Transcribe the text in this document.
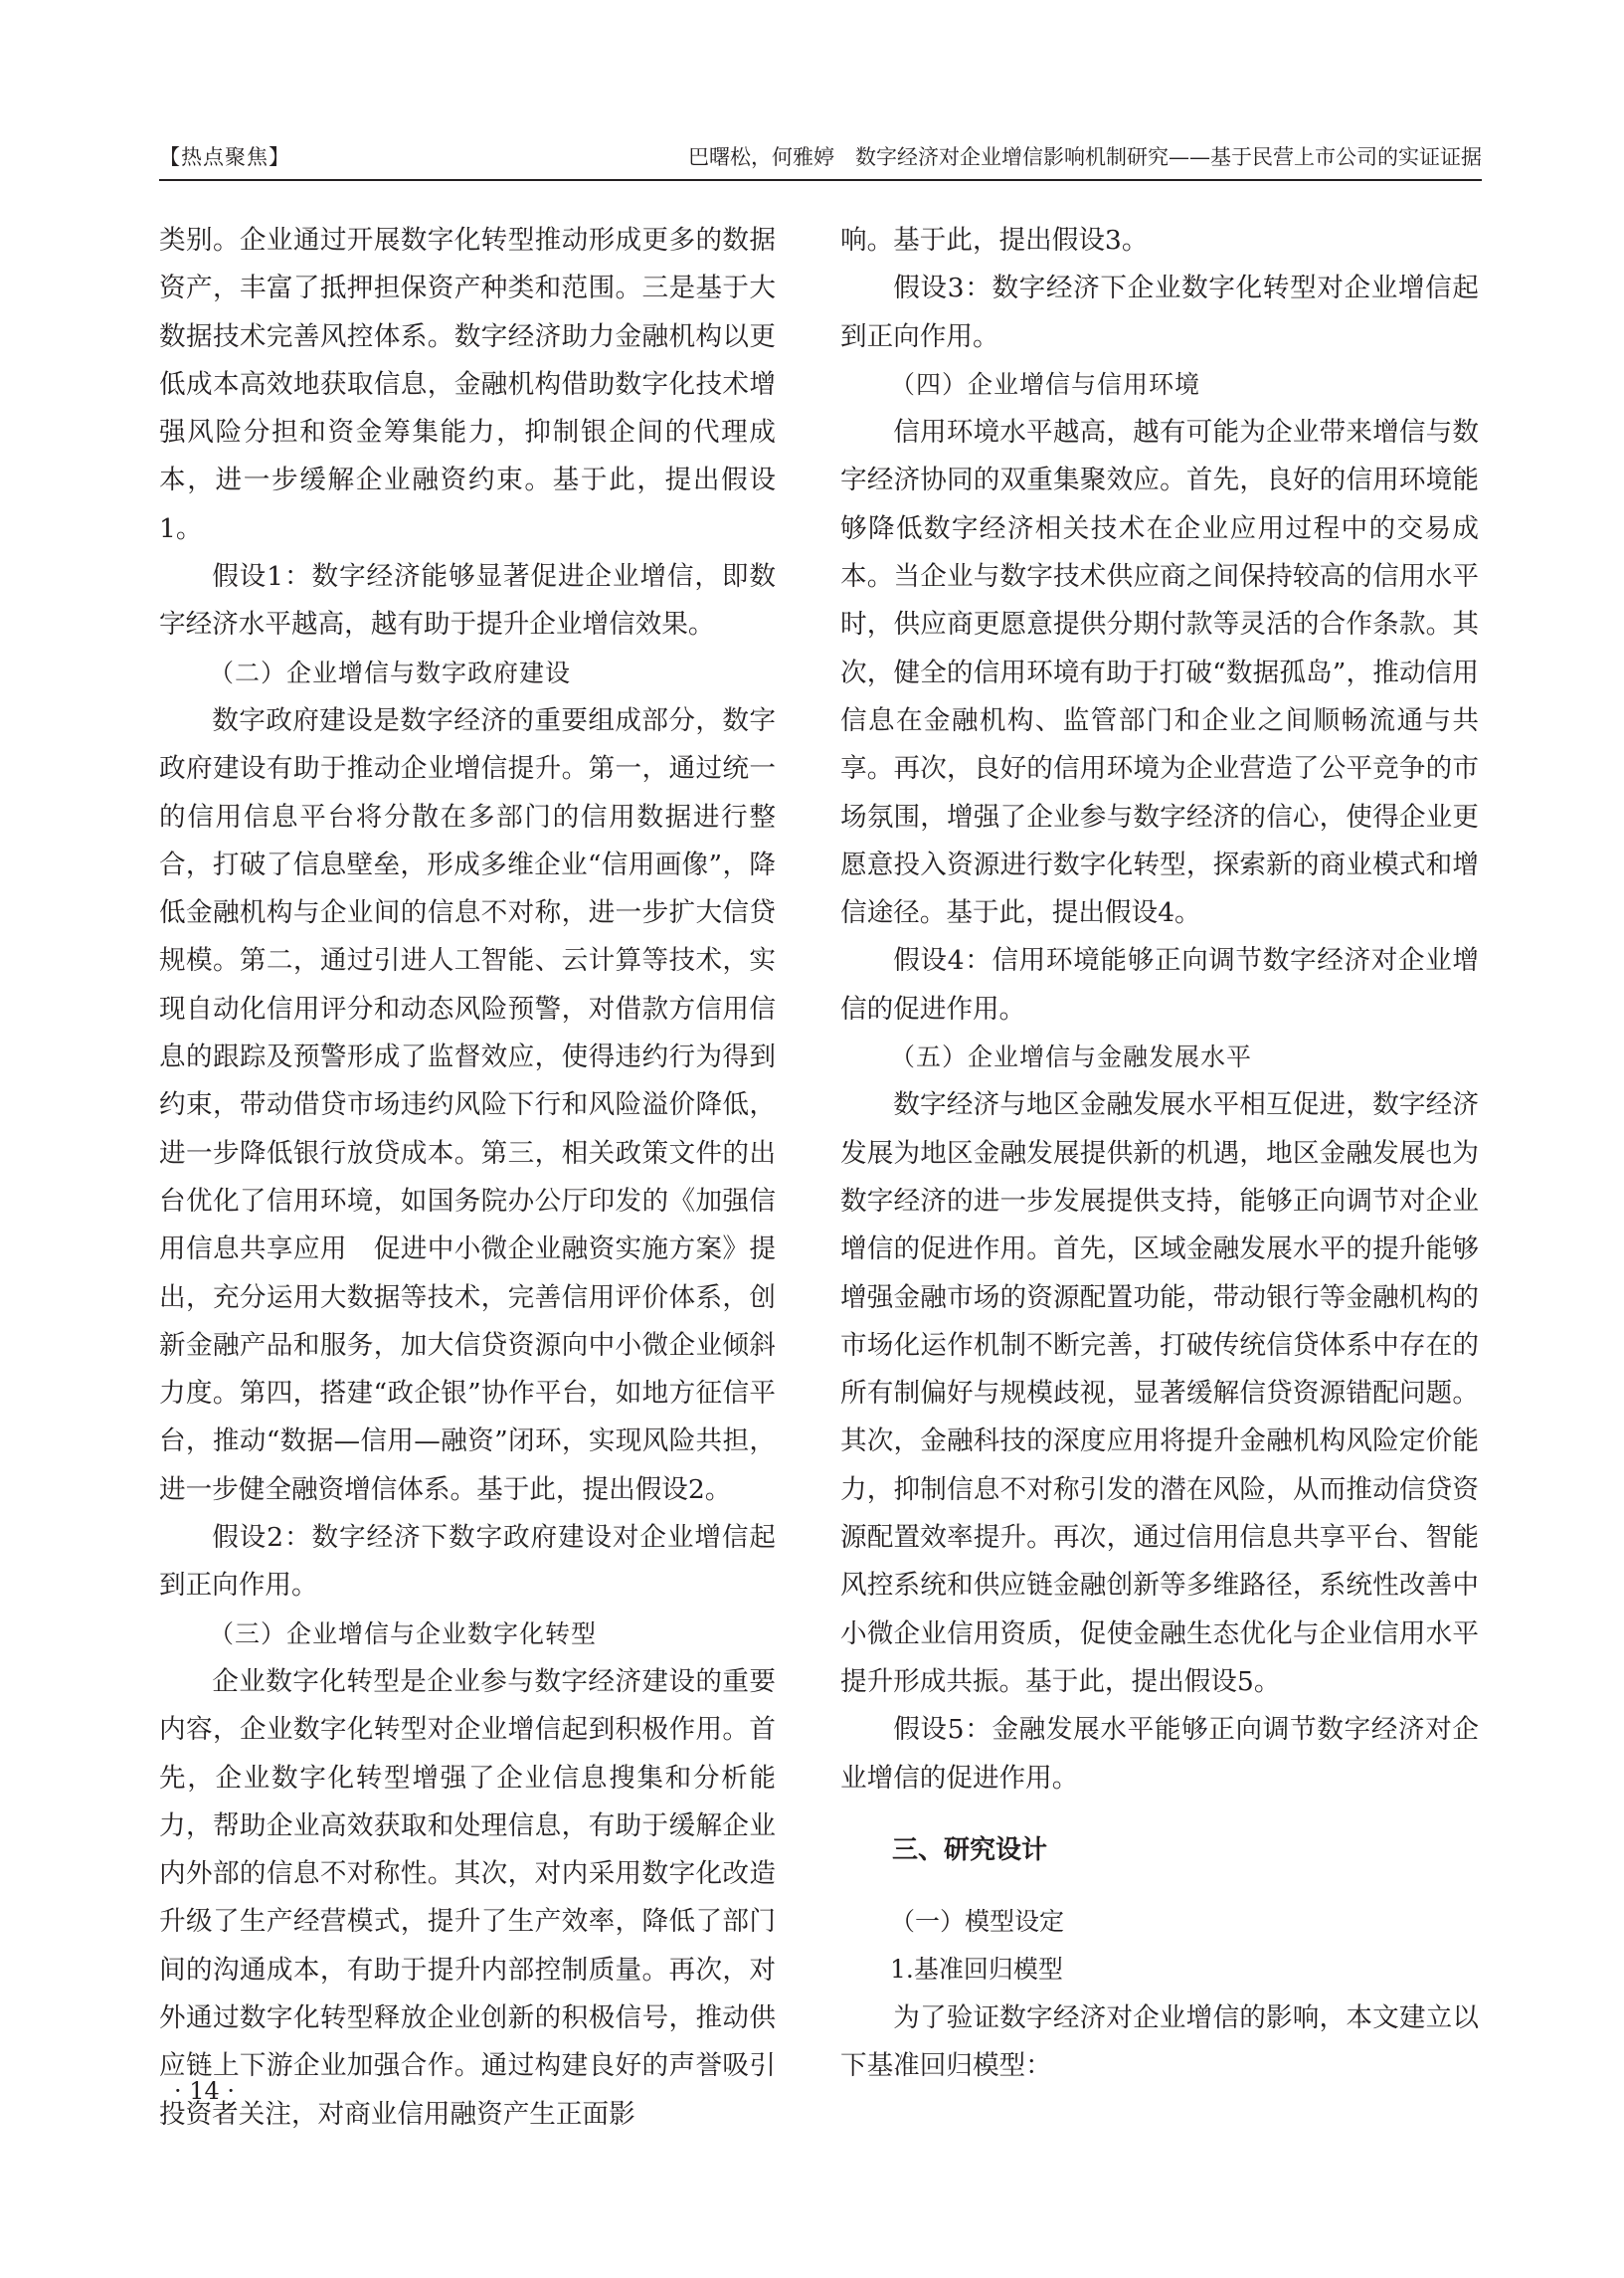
【热点聚焦】	巴曙松，何雅婷　数字经济对企业增信影响机制研究——基于民营上市公司的实证证据

类别。企业通过开展数字化转型推动形成更多的数据资产，丰富了抵押担保资产种类和范围。三是基于大数据技术完善风控体系。数字经济助力金融机构以更低成本高效地获取信息，金融机构借助数字化技术增强风险分担和资金筹集能力，抑制银企间的代理成本，进一步缓解企业融资约束。基于此，提出假设1。

假设1：数字经济能够显著促进企业增信，即数字经济水平越高，越有助于提升企业增信效果。

（二）企业增信与数字政府建设

数字政府建设是数字经济的重要组成部分，数字政府建设有助于推动企业增信提升。第一，通过统一的信用信息平台将分散在多部门的信用数据进行整合，打破了信息壁垒，形成多维企业“信用画像”，降低金融机构与企业间的信息不对称，进一步扩大信贷规模。第二，通过引进人工智能、云计算等技术，实现自动化信用评分和动态风险预警，对借款方信用信息的跟踪及预警形成了监督效应，使得违约行为得到约束，带动借贷市场违约风险下行和风险溢价降低，进一步降低银行放贷成本。第三，相关政策文件的出台优化了信用环境，如国务院办公厅印发的《加强信用信息共享应用　促进中小微企业融资实施方案》提出，充分运用大数据等技术，完善信用评价体系，创新金融产品和服务，加大信贷资源向中小微企业倾斜力度。第四，搭建“政企银”协作平台，如地方征信平台，推动“数据—信用—融资”闭环，实现风险共担，进一步健全融资增信体系。基于此，提出假设2。

假设2：数字经济下数字政府建设对企业增信起到正向作用。

（三）企业增信与企业数字化转型

企业数字化转型是企业参与数字经济建设的重要内容，企业数字化转型对企业增信起到积极作用。首先，企业数字化转型增强了企业信息搜集和分析能力，帮助企业高效获取和处理信息，有助于缓解企业内外部的信息不对称性。其次，对内采用数字化改造升级了生产经营模式，提升了生产效率，降低了部门间的沟通成本，有助于提升内部控制质量。再次，对外通过数字化转型释放企业创新的积极信号，推动供应链上下游企业加强合作。通过构建良好的声誉吸引投资者关注，对商业信用融资产生正面影

响。基于此，提出假设3。

假设3：数字经济下企业数字化转型对企业增信起到正向作用。

（四）企业增信与信用环境

信用环境水平越高，越有可能为企业带来增信与数字经济协同的双重集聚效应。首先，良好的信用环境能够降低数字经济相关技术在企业应用过程中的交易成本。当企业与数字技术供应商之间保持较高的信用水平时，供应商更愿意提供分期付款等灵活的合作条款。其次，健全的信用环境有助于打破“数据孤岛”，推动信用信息在金融机构、监管部门和企业之间顺畅流通与共享。再次，良好的信用环境为企业营造了公平竞争的市场氛围，增强了企业参与数字经济的信心，使得企业更愿意投入资源进行数字化转型，探索新的商业模式和增信途径。基于此，提出假设4。

假设4：信用环境能够正向调节数字经济对企业增信的促进作用。

（五）企业增信与金融发展水平

数字经济与地区金融发展水平相互促进，数字经济发展为地区金融发展提供新的机遇，地区金融发展也为数字经济的进一步发展提供支持，能够正向调节对企业增信的促进作用。首先，区域金融发展水平的提升能够增强金融市场的资源配置功能，带动银行等金融机构的市场化运作机制不断完善，打破传统信贷体系中存在的所有制偏好与规模歧视，显著缓解信贷资源错配问题。其次，金融科技的深度应用将提升金融机构风险定价能力，抑制信息不对称引发的潜在风险，从而推动信贷资源配置效率提升。再次，通过信用信息共享平台、智能风控系统和供应链金融创新等多维路径，系统性改善中小微企业信用资质，促使金融生态优化与企业信用水平提升形成共振。基于此，提出假设5。

假设5：金融发展水平能够正向调节数字经济对企业增信的促进作用。

三、研究设计

（一）模型设定

1.基准回归模型

为了验证数字经济对企业增信的影响，本文建立以下基准回归模型：

· 14 ·
